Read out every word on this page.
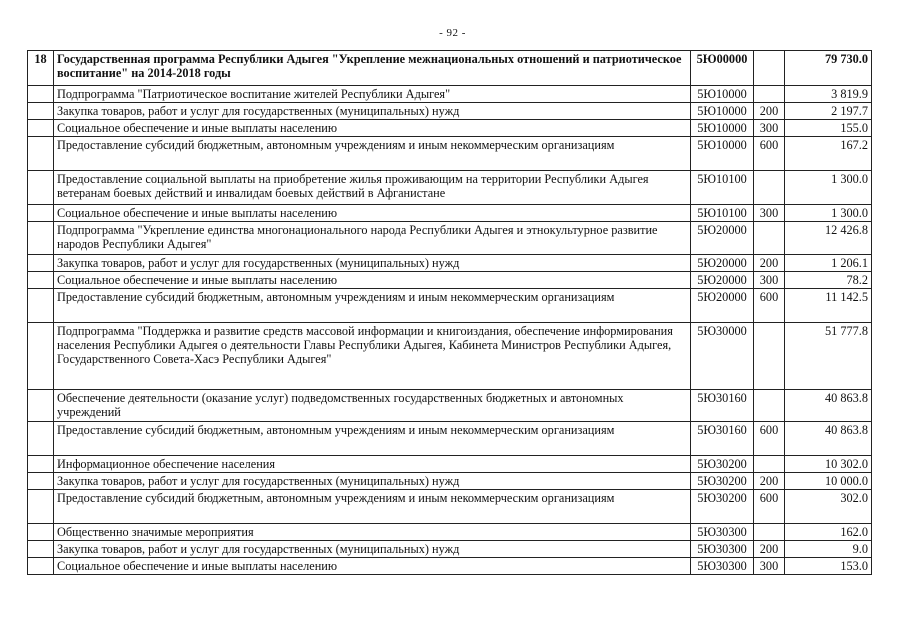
- 92 -
18	Государственная программа Республики Адыгея "Укрепление межнациональных отношений и патриотическое воспитание" на 2014-2018 годы	5Ю00000		79 730.0
	Подпрограмма "Патриотическое воспитание жителей Республики Адыгея"	5Ю10000		3 819.9
	Закупка товаров, работ и услуг для государственных (муниципальных) нужд	5Ю10000	200	2 197.7
	Социальное обеспечение и иные выплаты населению	5Ю10000	300	155.0
	Предоставление субсидий бюджетным, автономным учреждениям и иным некоммерческим организациям	5Ю10000	600	167.2
	Предоставление социальной выплаты на приобретение жилья проживающим на территории Республики Адыгея ветеранам боевых действий и инвалидам боевых действий в Афганистане	5Ю10100		1 300.0
	Социальное обеспечение и иные выплаты населению	5Ю10100	300	1 300.0
	Подпрограмма "Укрепление единства многонационального народа Республики Адыгея и этнокультурное развитие народов Республики Адыгея"	5Ю20000		12 426.8
	Закупка товаров, работ и услуг для государственных (муниципальных) нужд	5Ю20000	200	1 206.1
	Социальное обеспечение и иные выплаты населению	5Ю20000	300	78.2
	Предоставление субсидий бюджетным, автономным учреждениям и иным некоммерческим организациям	5Ю20000	600	11 142.5
	Подпрограмма "Поддержка и развитие средств массовой информации и книгоиздания, обеспечение информирования населения Республики Адыгея о деятельности Главы Республики Адыгея, Кабинета Министров Республики Адыгея, Государственного Совета-Хасэ Республики Адыгея"	5Ю30000		51 777.8
	Обеспечение деятельности (оказание услуг) подведомственных государственных бюджетных и автономных учреждений	5Ю30160		40 863.8
	Предоставление субсидий бюджетным, автономным учреждениям и иным некоммерческим организациям	5Ю30160	600	40 863.8
	Информационное обеспечение населения	5Ю30200		10 302.0
	Закупка товаров, работ и услуг для государственных (муниципальных) нужд	5Ю30200	200	10 000.0
	Предоставление субсидий бюджетным, автономным учреждениям и иным некоммерческим организациям	5Ю30200	600	302.0
	Общественно значимые мероприятия	5Ю30300		162.0
	Закупка товаров, работ и услуг для государственных (муниципальных) нужд	5Ю30300	200	9.0
	Социальное обеспечение и иные выплаты населению	5Ю30300	300	153.0
